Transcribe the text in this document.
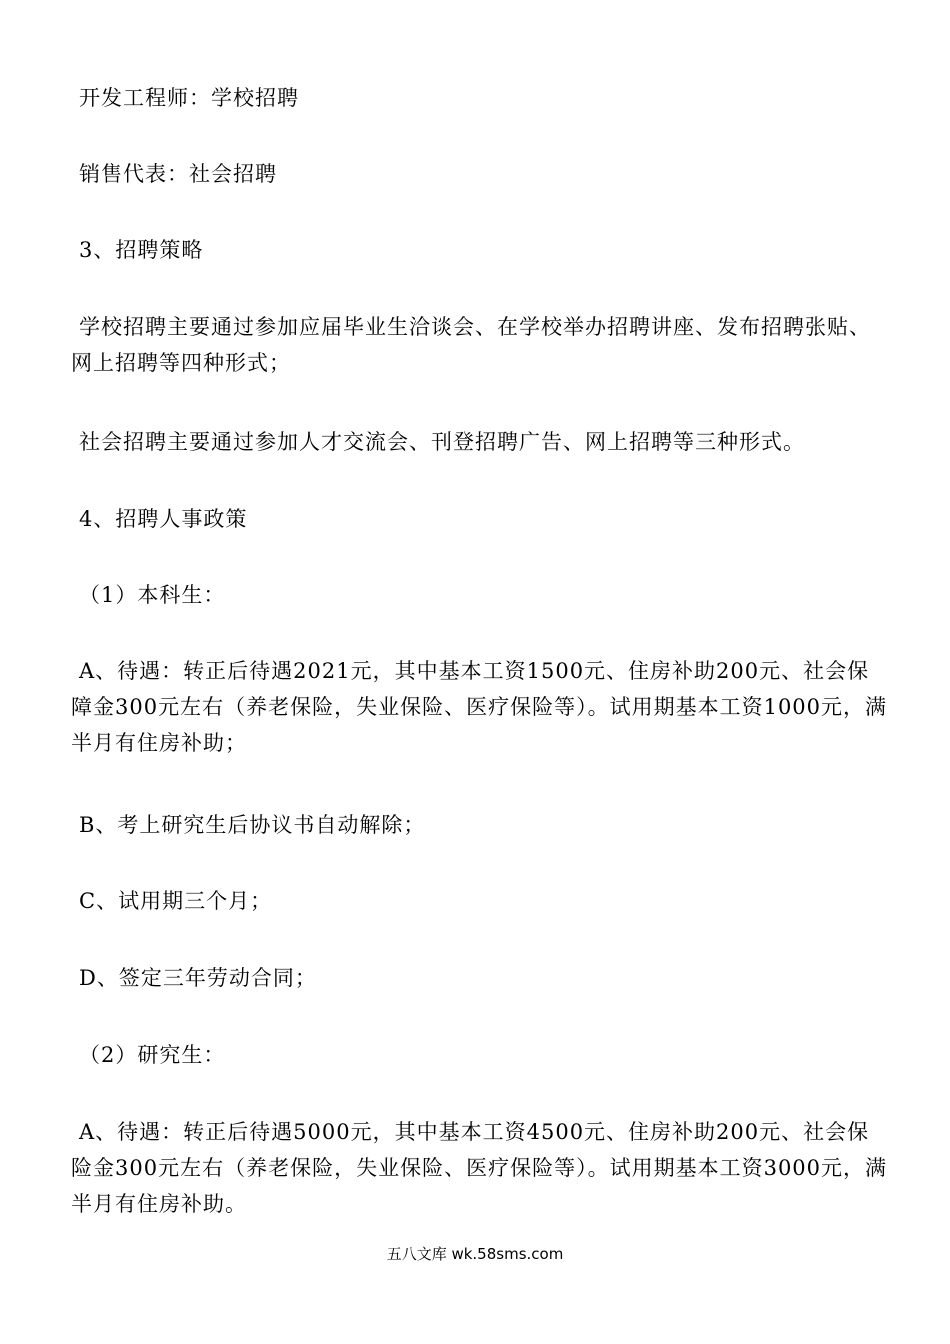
开发工程师：学校招聘
销售代表：社会招聘
3、招聘策略
学校招聘主要通过参加应届毕业生洽谈会、在学校举办招聘讲座、发布招聘张贴、网上招聘等四种形式；
社会招聘主要通过参加人才交流会、刊登招聘广告、网上招聘等三种形式。
4、招聘人事政策
（1）本科生：
A、待遇：转正后待遇2021元，其中基本工资1500元、住房补助200元、社会保障金300元左右（养老保险，失业保险、医疗保险等）。试用期基本工资1000元，满半月有住房补助；
B、考上研究生后协议书自动解除；
C、试用期三个月；
D、签定三年劳动合同；
（2）研究生：
A、待遇：转正后待遇5000元，其中基本工资4500元、住房补助200元、社会保险金300元左右（养老保险，失业保险、医疗保险等）。试用期基本工资3000元，满半月有住房补助。
五八文库 wk.58sms.com
